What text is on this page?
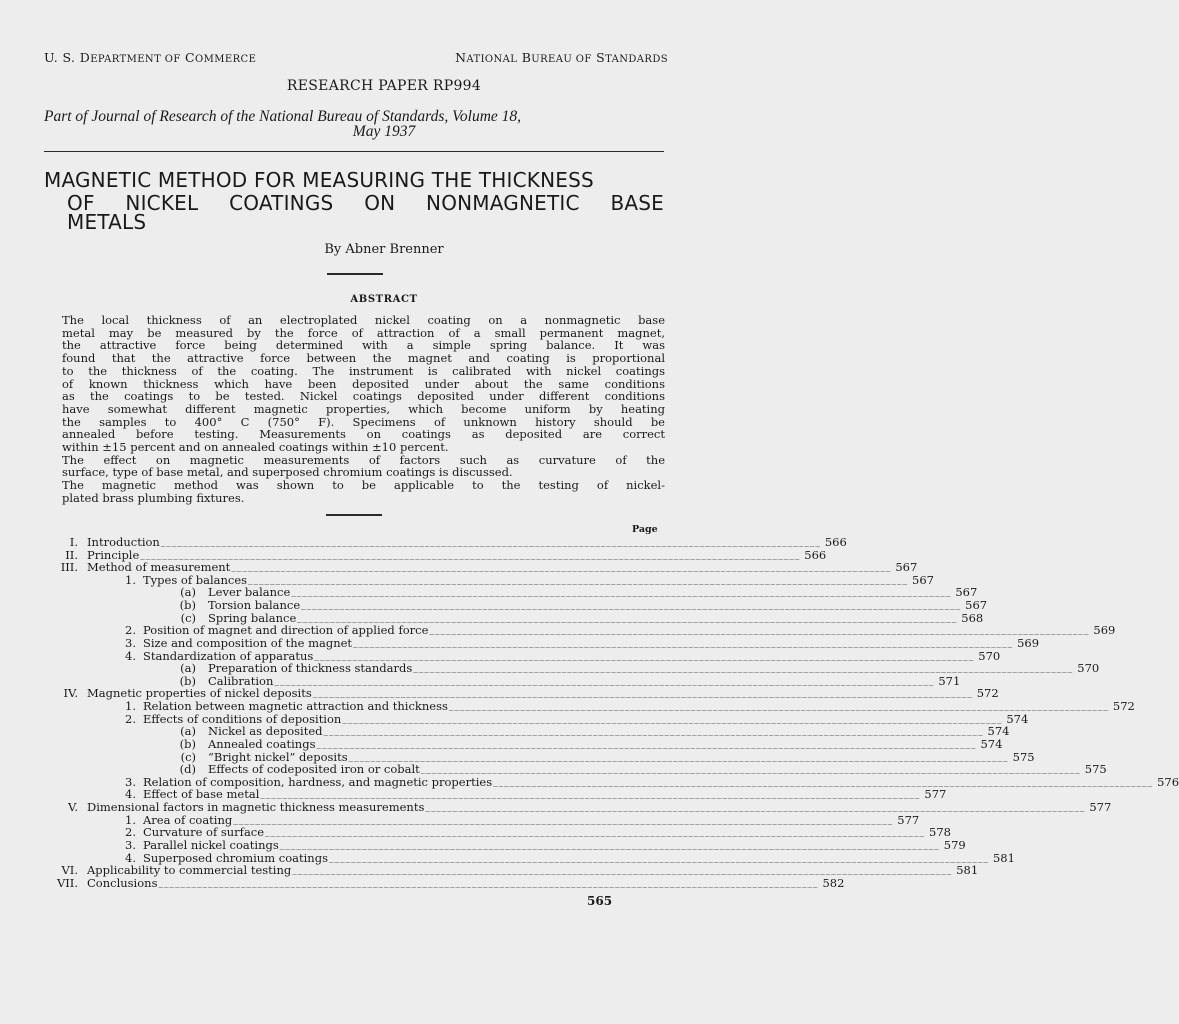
U. S. DEPARTMENT OF COMMERCE	NATIONAL BUREAU OF STANDARDS
RESEARCH PAPER RP994
Part of Journal of Research of the National Bureau of Standards, Volume 18,
May 1937
MAGNETIC METHOD FOR MEASURING THE THICKNESS
OF NICKEL COATINGS ON NONMAGNETIC BASE
METALS
By Abner Brenner
ABSTRACT
The local thickness of an electroplated nickel coating on a nonmagnetic base
metal may be measured by the force of attraction of a small permanent magnet,
the attractive force being determined with a simple spring balance. It was
found that the attractive force between the magnet and coating is proportional
to the thickness of the coating. The instrument is calibrated with nickel coatings
of known thickness which have been deposited under about the same conditions
as the coatings to be tested. Nickel coatings deposited under different conditions
have somewhat different magnetic properties, which become uniform by heating
the samples to 400° C (750° F). Specimens of unknown history should be
annealed before testing. Measurements on coatings as deposited are correct
within ±15 percent and on annealed coatings within ±10 percent.
The effect on magnetic measurements of factors such as curvature of the
surface, type of base metal, and superposed chromium coatings is discussed.
The magnetic method was shown to be applicable to the testing of nickel-
plated brass plumbing fixtures.
Page
I. Introduction ________________________________________________________________________________________________________________________ 566
II. Principle ________________________________________________________________________________________________________________________ 566
III. Method of measurement ________________________________________________________________________________________________________________________ 567
1. Types of balances ________________________________________________________________________________________________________________________ 567
(a) Lever balance ________________________________________________________________________________________________________________________ 567
(b) Torsion balance ________________________________________________________________________________________________________________________ 567
(c) Spring balance ________________________________________________________________________________________________________________________ 568
2. Position of magnet and direction of applied force ________________________________________________________________________________________________________________________ 569
3. Size and composition of the magnet ________________________________________________________________________________________________________________________ 569
4. Standardization of apparatus ________________________________________________________________________________________________________________________ 570
(a) Preparation of thickness standards ________________________________________________________________________________________________________________________ 570
(b) Calibration ________________________________________________________________________________________________________________________ 571
IV. Magnetic properties of nickel deposits ________________________________________________________________________________________________________________________ 572
1. Relation between magnetic attraction and thickness ________________________________________________________________________________________________________________________ 572
2. Effects of conditions of deposition ________________________________________________________________________________________________________________________ 574
(a) Nickel as deposited ________________________________________________________________________________________________________________________ 574
(b) Annealed coatings ________________________________________________________________________________________________________________________ 574
(c) “Bright nickel” deposits ________________________________________________________________________________________________________________________ 575
(d) Effects of codeposited iron or cobalt ________________________________________________________________________________________________________________________ 575
3. Relation of composition, hardness, and magnetic properties ________________________________________________________________________________________________________________________ 576
4. Effect of base metal ________________________________________________________________________________________________________________________ 577
V. Dimensional factors in magnetic thickness measurements ________________________________________________________________________________________________________________________ 577
1. Area of coating ________________________________________________________________________________________________________________________ 577
2. Curvature of surface ________________________________________________________________________________________________________________________ 578
3. Parallel nickel coatings ________________________________________________________________________________________________________________________ 579
4. Superposed chromium coatings ________________________________________________________________________________________________________________________ 581
VI. Applicability to commercial testing ________________________________________________________________________________________________________________________ 581
VII. Conclusions ________________________________________________________________________________________________________________________ 582
565
